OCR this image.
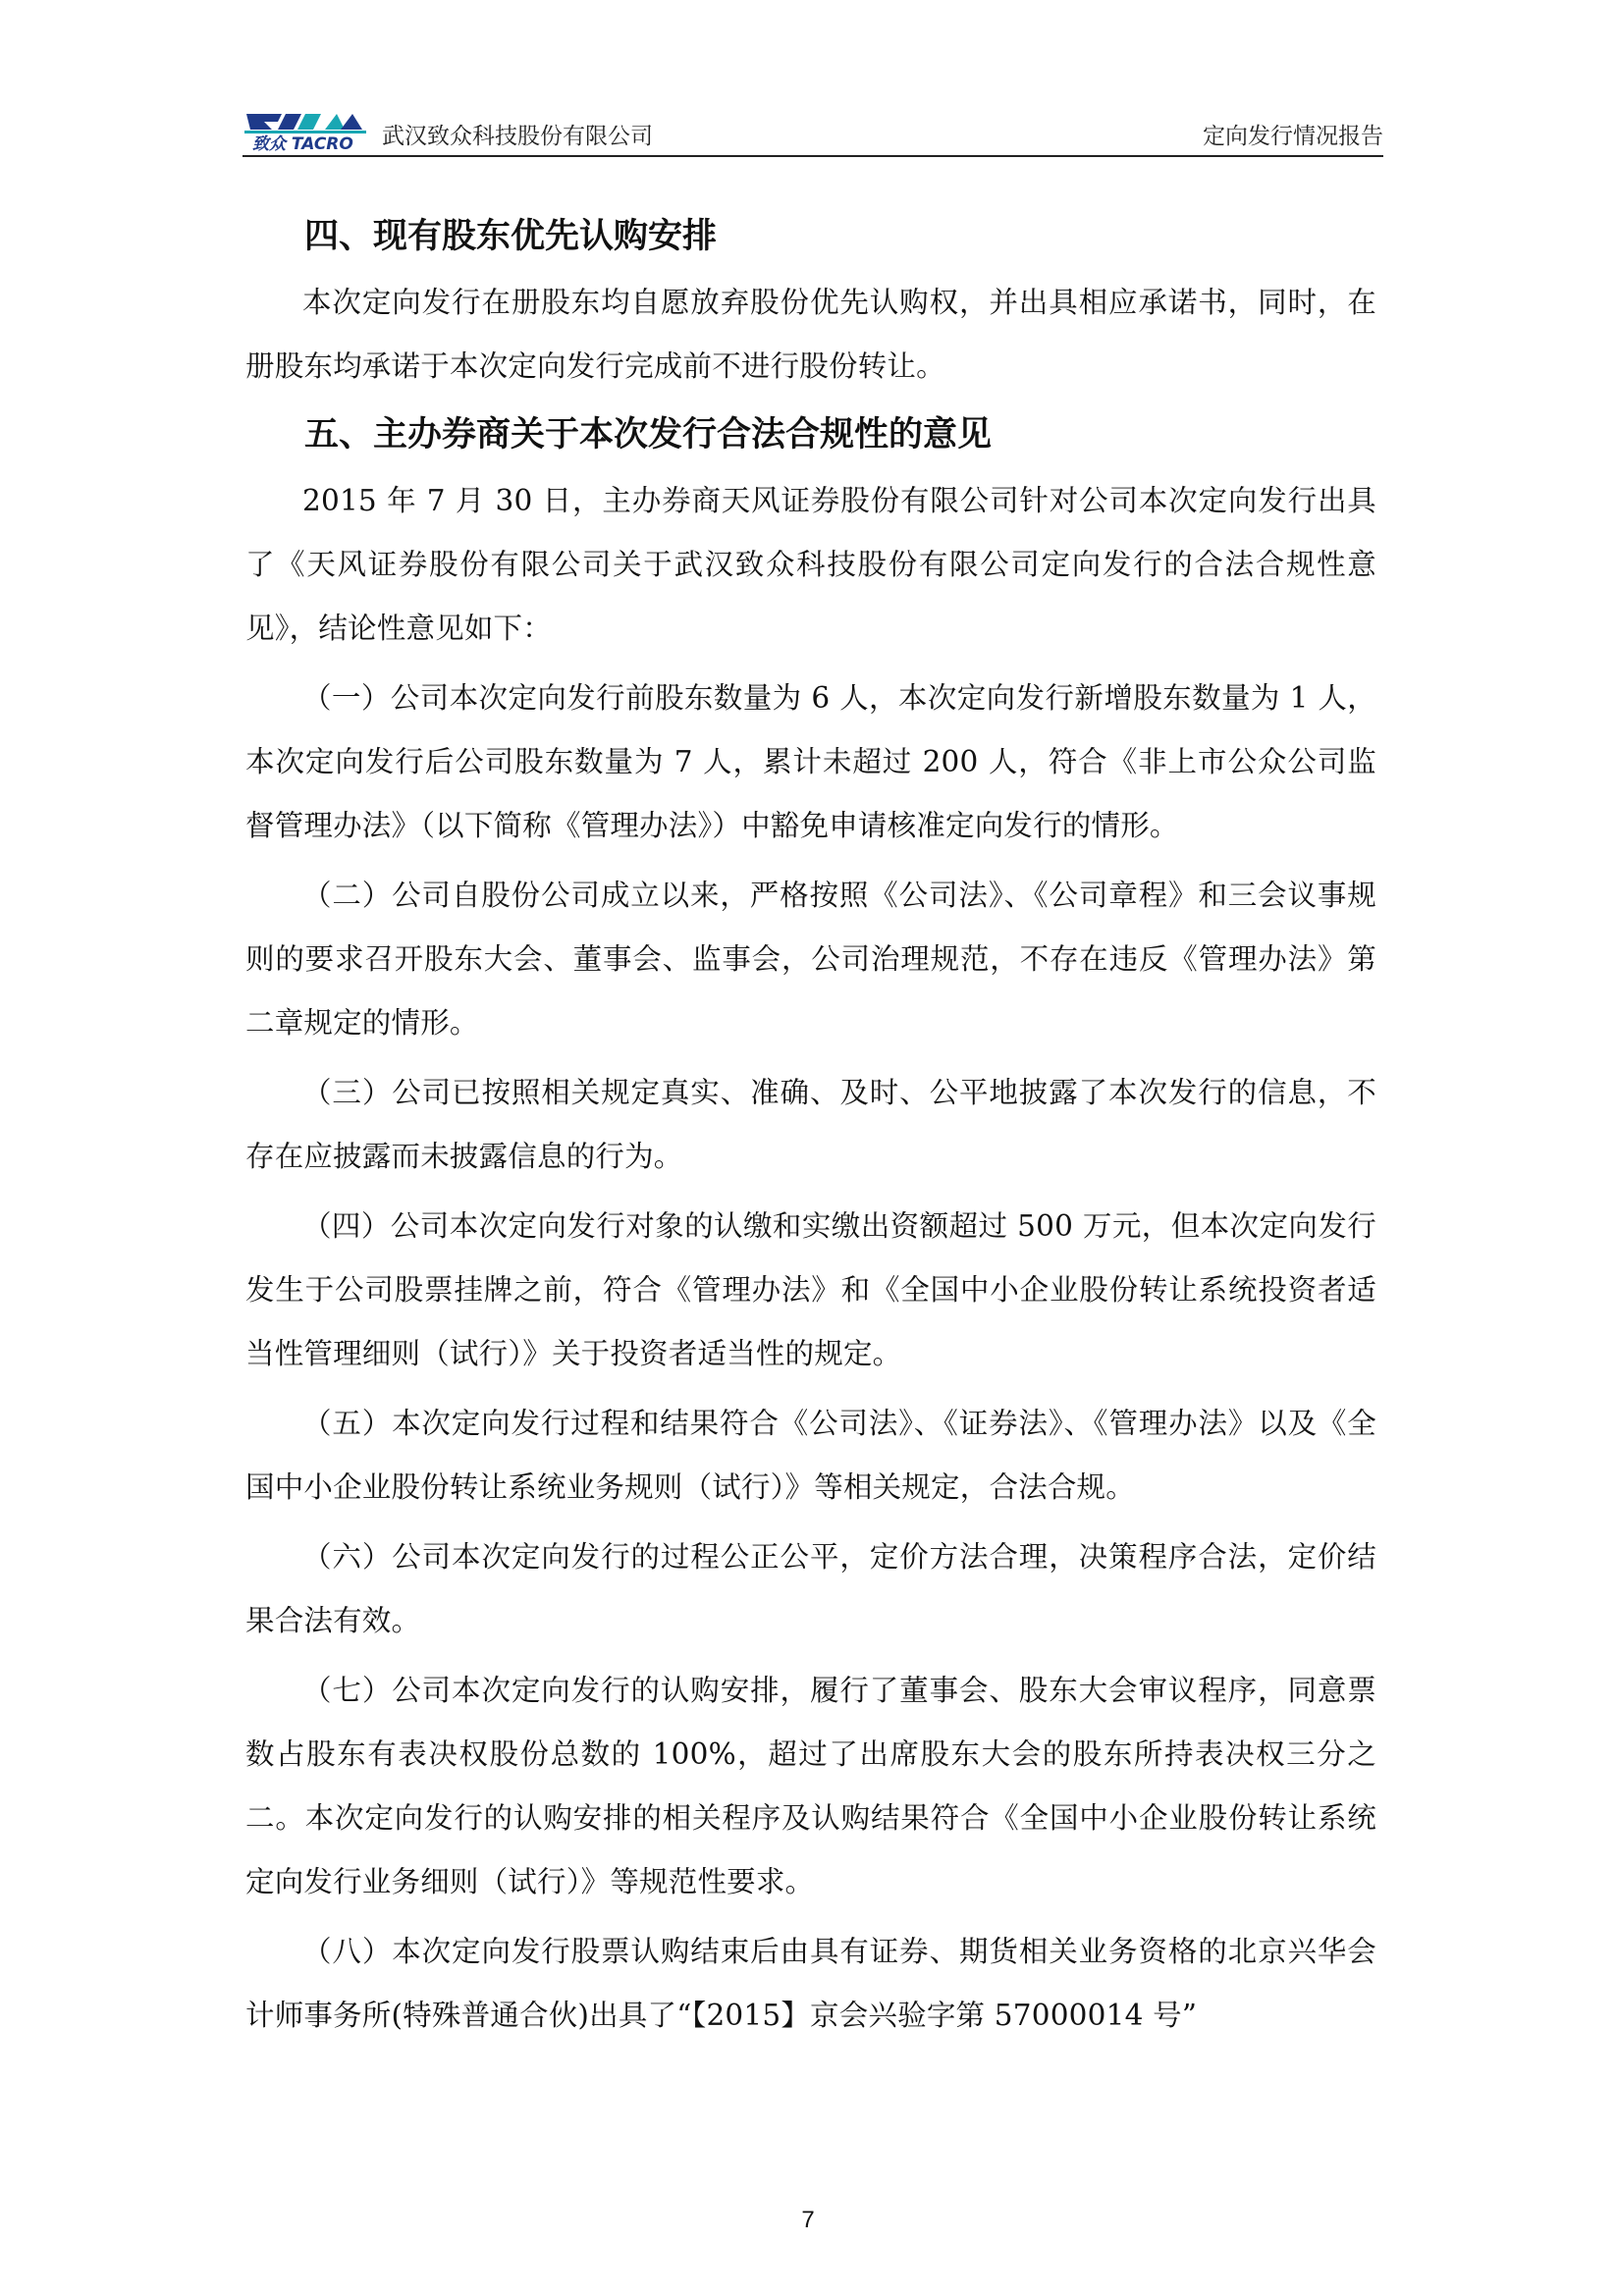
致众 TACRO 武汉致众科技股份有限公司	定向发行情况报告
四、现有股东优先认购安排

本次定向发行在册股东均自愿放弃股份优先认购权，并出具相应承诺书，同时，在册股东均承诺于本次定向发行完成前不进行股份转让。

五、主办券商关于本次发行合法合规性的意见

2015 年 7 月 30 日，主办券商天风证券股份有限公司针对公司本次定向发行出具了《天风证券股份有限公司关于武汉致众科技股份有限公司定向发行的合法合规性意见》，结论性意见如下：

（一）公司本次定向发行前股东数量为 6 人，本次定向发行新增股东数量为 1 人，本次定向发行后公司股东数量为 7 人，累计未超过 200 人，符合《非上市公众公司监督管理办法》（以下简称《管理办法》）中豁免申请核准定向发行的情形。

（二）公司自股份公司成立以来，严格按照《公司法》、《公司章程》和三会议事规则的要求召开股东大会、董事会、监事会，公司治理规范，不存在违反《管理办法》第二章规定的情形。

（三）公司已按照相关规定真实、准确、及时、公平地披露了本次发行的信息，不存在应披露而未披露信息的行为。

（四）公司本次定向发行对象的认缴和实缴出资额超过 500 万元，但本次定向发行发生于公司股票挂牌之前，符合《管理办法》和《全国中小企业股份转让系统投资者适当性管理细则（试行）》关于投资者适当性的规定。

（五）本次定向发行过程和结果符合《公司法》、《证券法》、《管理办法》以及《全国中小企业股份转让系统业务规则（试行）》等相关规定，合法合规。

（六）公司本次定向发行的过程公正公平，定价方法合理，决策程序合法，定价结果合法有效。

（七）公司本次定向发行的认购安排，履行了董事会、股东大会审议程序，同意票数占股东有表决权股份总数的 100%，超过了出席股东大会的股东所持表决权三分之二。本次定向发行的认购安排的相关程序及认购结果符合《全国中小企业股份转让系统定向发行业务细则（试行）》等规范性要求。

（八）本次定向发行股票认购结束后由具有证券、期货相关业务资格的北京兴华会计师事务所(特殊普通合伙)出具了“【2015】京会兴验字第 57000014 号”

7
